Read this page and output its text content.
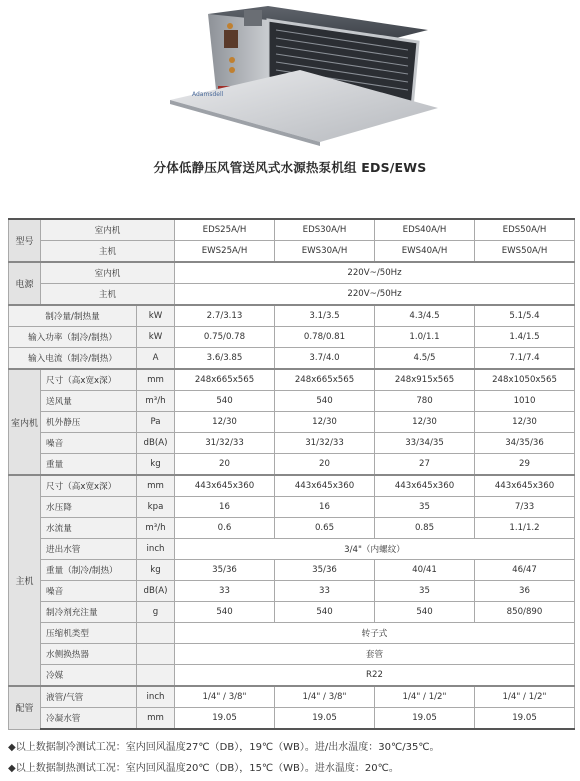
Adamsdell
分体低静压风管送风式水源热泵机组 EDS/EWS
型号	室内机		EDS25A/H	EDS30A/H	EDS40A/H	EDS50A/H
	主机		EWS25A/H	EWS30A/H	EWS40A/H	EWS50A/H
电源	室内机		220V~/50Hz			
	主机		220V~/50Hz			
制冷量/制热量		kW	2.7/3.13	3.1/3.5	4.3/4.5	5.1/5.4
输入功率（制冷/制热）		kW	0.75/0.78	0.78/0.81	1.0/1.1	1.4/1.5
输入电流（制冷/制热）		A	3.6/3.85	3.7/4.0	4.5/5	7.1/7.4
室内机	尺寸（高x宽x深）	mm	248x665x565	248x665x565	248x915x565	248x1050x565
	送风量	m³/h	540	540	780	1010
	机外静压	Pa	12/30	12/30	12/30	12/30
	噪音	dB(A)	31/32/33	31/32/33	33/34/35	34/35/36
	重量	kg	20	20	27	29
主机	尺寸（高x宽x深）	mm	443x645x360	443x645x360	443x645x360	443x645x360
	水压降	kpa	16	16	35	7/33
	水流量	m³/h	0.6	0.65	0.85	1.1/1.2
	进出水管	inch	3/4"（内螺纹）			
	重量（制冷/制热）	kg	35/36	35/36	40/41	46/47
	噪音	dB(A)	33	33	35	36
	制冷剂充注量	g	540	540	540	850/890
	压缩机类型		转子式			
	水侧换热器		套管			
	冷媒		R22			
配管	液管/气管	inch	1/4" / 3/8"	1/4" / 3/8"	1/4" / 1/2"	1/4" / 1/2"
	冷凝水管	mm	19.05	19.05	19.05	19.05
◆以上数据制冷测试工况：室内回风温度27℃（DB），19℃（WB）。进/出水温度：30℃/35℃。
◆以上数据制热测试工况：室内回风温度20℃（DB），15℃（WB）。进水温度：20℃。
